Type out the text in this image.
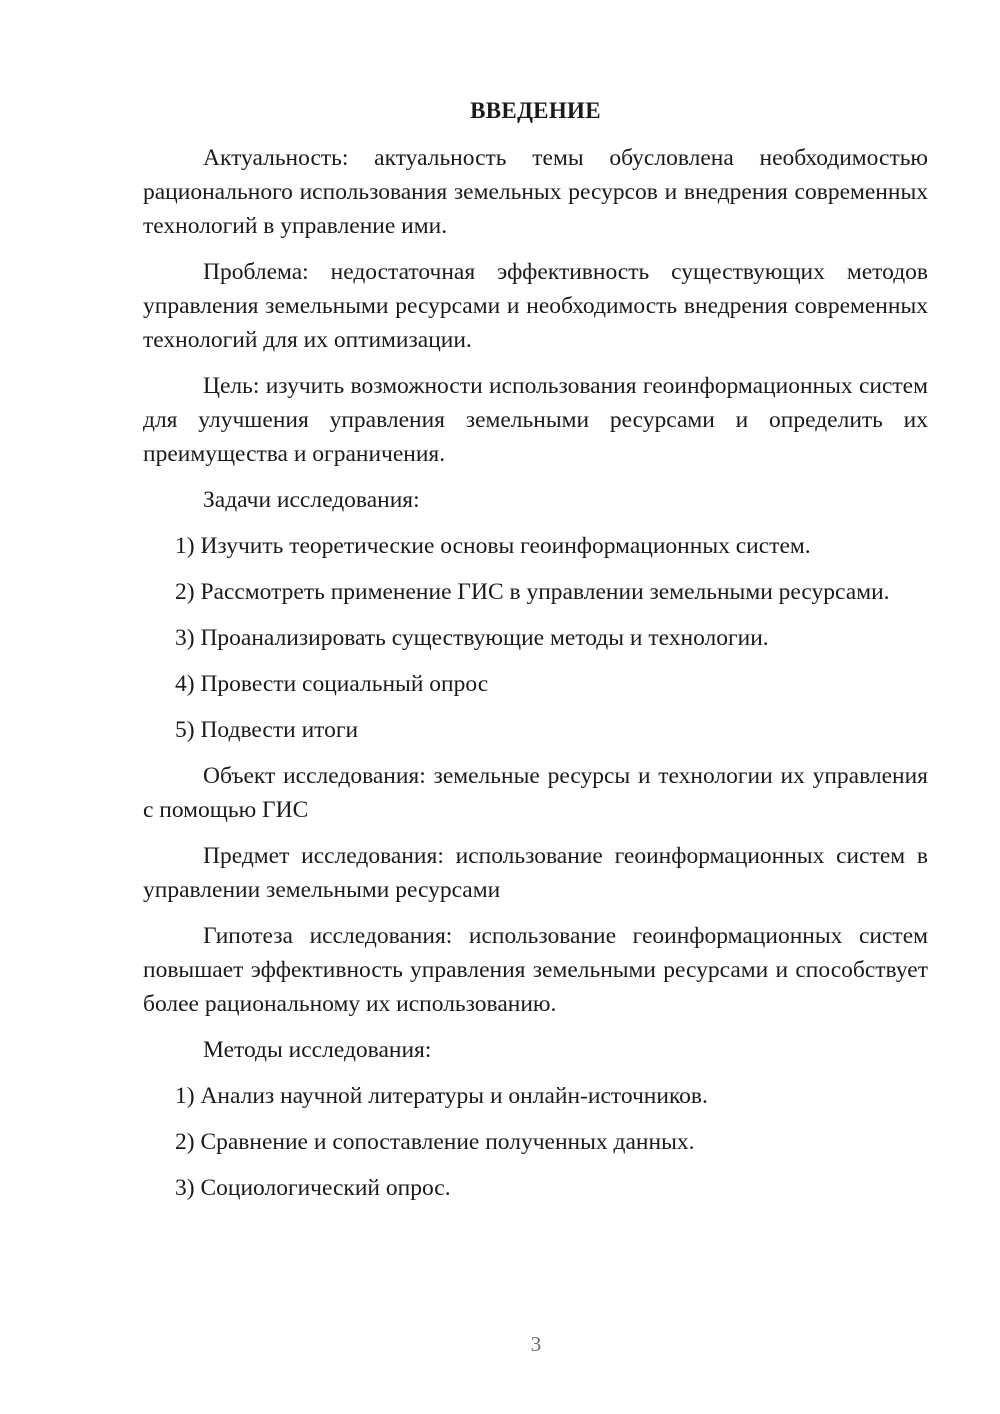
ВВЕДЕНИЕ

Актуальность: актуальность темы обусловлена необходимостью рационального использования земельных ресурсов и внедрения современных технологий в управление ими.

Проблема: недостаточная эффективность существующих методов управления земельными ресурсами и необходимость внедрения современных технологий для их оптимизации.

Цель: изучить возможности использования геоинформационных систем для улучшения управления земельными ресурсами и определить их преимущества и ограничения.

Задачи исследования:

1) Изучить теоретические основы геоинформационных систем.
2) Рассмотреть применение ГИС в управлении земельными ресурсами.
3) Проанализировать существующие методы и технологии.
4) Провести социальный опрос
5) Подвести итоги

Объект исследования: земельные ресурсы и технологии их управления с помощью ГИС

Предмет исследования: использование геоинформационных систем в управлении земельными ресурсами

Гипотеза исследования: использование геоинформационных систем повышает эффективность управления земельными ресурсами и способствует более рациональному их использованию.

Методы исследования:

1) Анализ научной литературы и онлайн-источников.
2) Сравнение и сопоставление полученных данных.
3) Социологический опрос.
3
